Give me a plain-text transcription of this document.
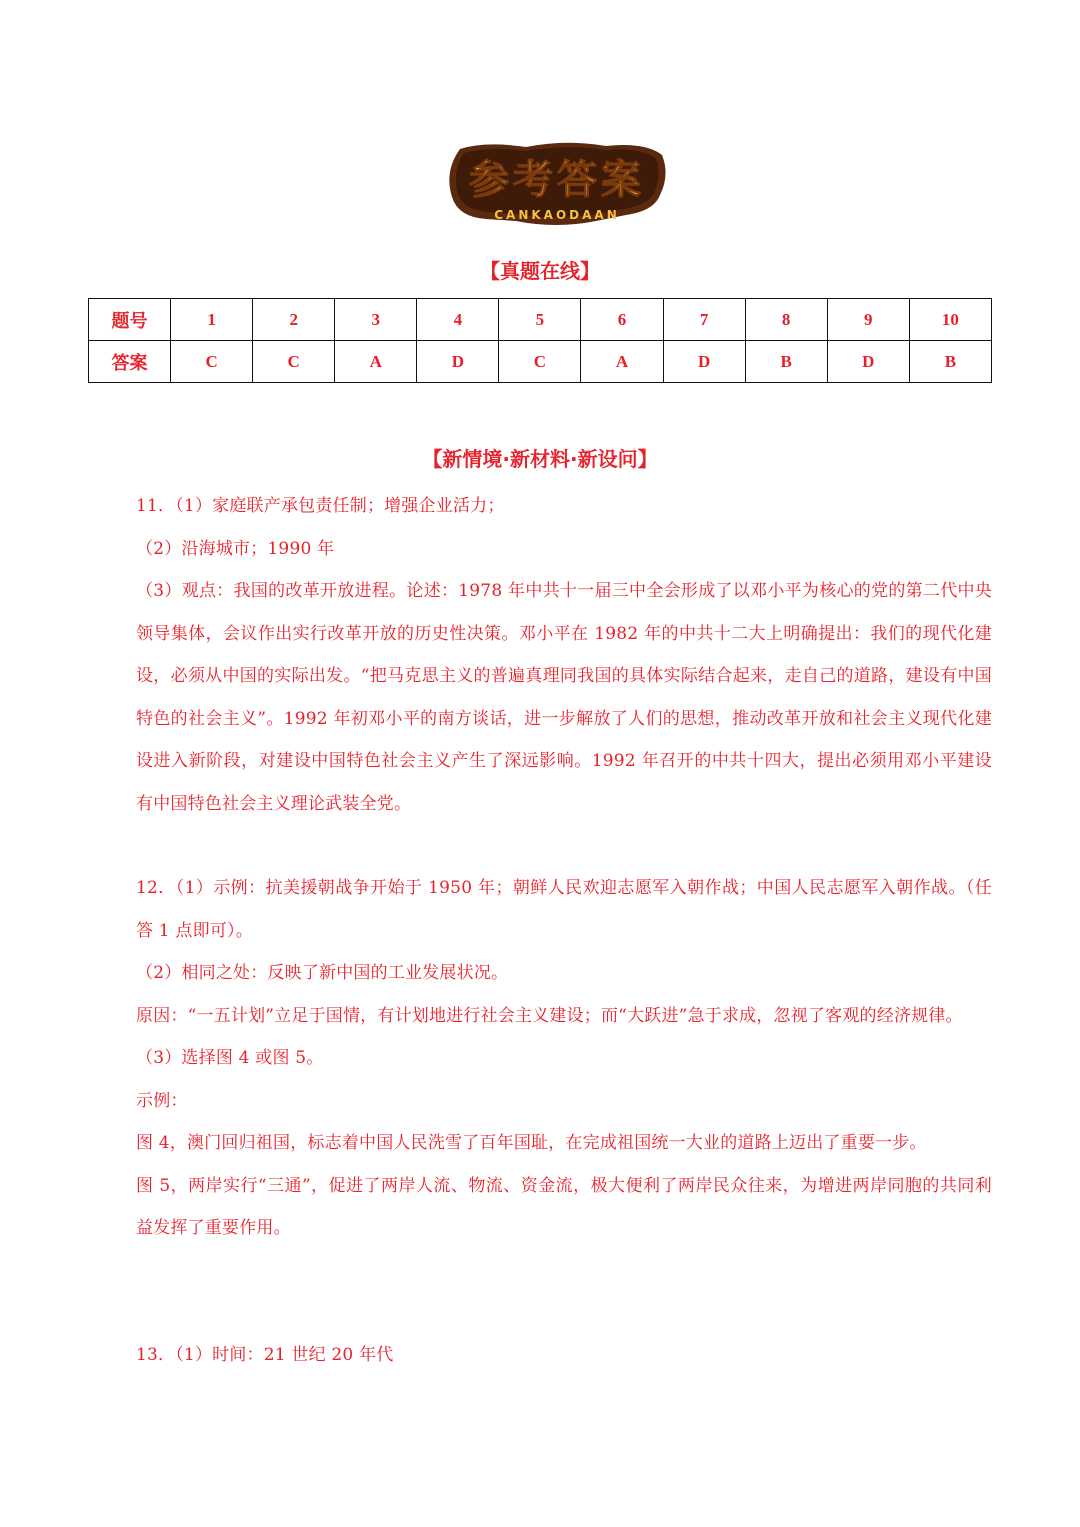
参考答案
CANKAODAAN
【真题在线】
题号	1	2	3	4	5	6	7	8	9	10
答案	C	C	A	D	C	A	D	B	D	B
【新情境·新材料·新设问】

11．（1）家庭联产承包责任制；增强企业活力；

（2）沿海城市；1990 年

（3）观点：我国的改革开放进程。论述：1978 年中共十一届三中全会形成了以邓小平为核心的党的第二代中央领导集体，会议作出实行改革开放的历史性决策。邓小平在 1982 年的中共十二大上明确提出：我们的现代化建设，必须从中国的实际出发。“把马克思主义的普遍真理同我国的具体实际结合起来，走自己的道路，建设有中国特色的社会主义”。1992 年初邓小平的南方谈话，进一步解放了人们的思想，推动改革开放和社会主义现代化建设进入新阶段，对建设中国特色社会主义产生了深远影响。1992 年召开的中共十四大，提出必须用邓小平建设有中国特色社会主义理论武装全党。

12．（1）示例：抗美援朝战争开始于 1950 年；朝鲜人民欢迎志愿军入朝作战；中国人民志愿军入朝作战。（任答 1 点即可）。

（2）相同之处：反映了新中国的工业发展状况。

原因：“一五计划”立足于国情，有计划地进行社会主义建设；而“大跃进”急于求成，忽视了客观的经济规律。

（3）选择图 4 或图 5。

示例：

图 4，澳门回归祖国，标志着中国人民洗雪了百年国耻，在完成祖国统一大业的道路上迈出了重要一步。

图 5，两岸实行“三通”，促进了两岸人流、物流、资金流，极大便利了两岸民众往来，为增进两岸同胞的共同利益发挥了重要作用。

13．（1）时间：21 世纪 20 年代
